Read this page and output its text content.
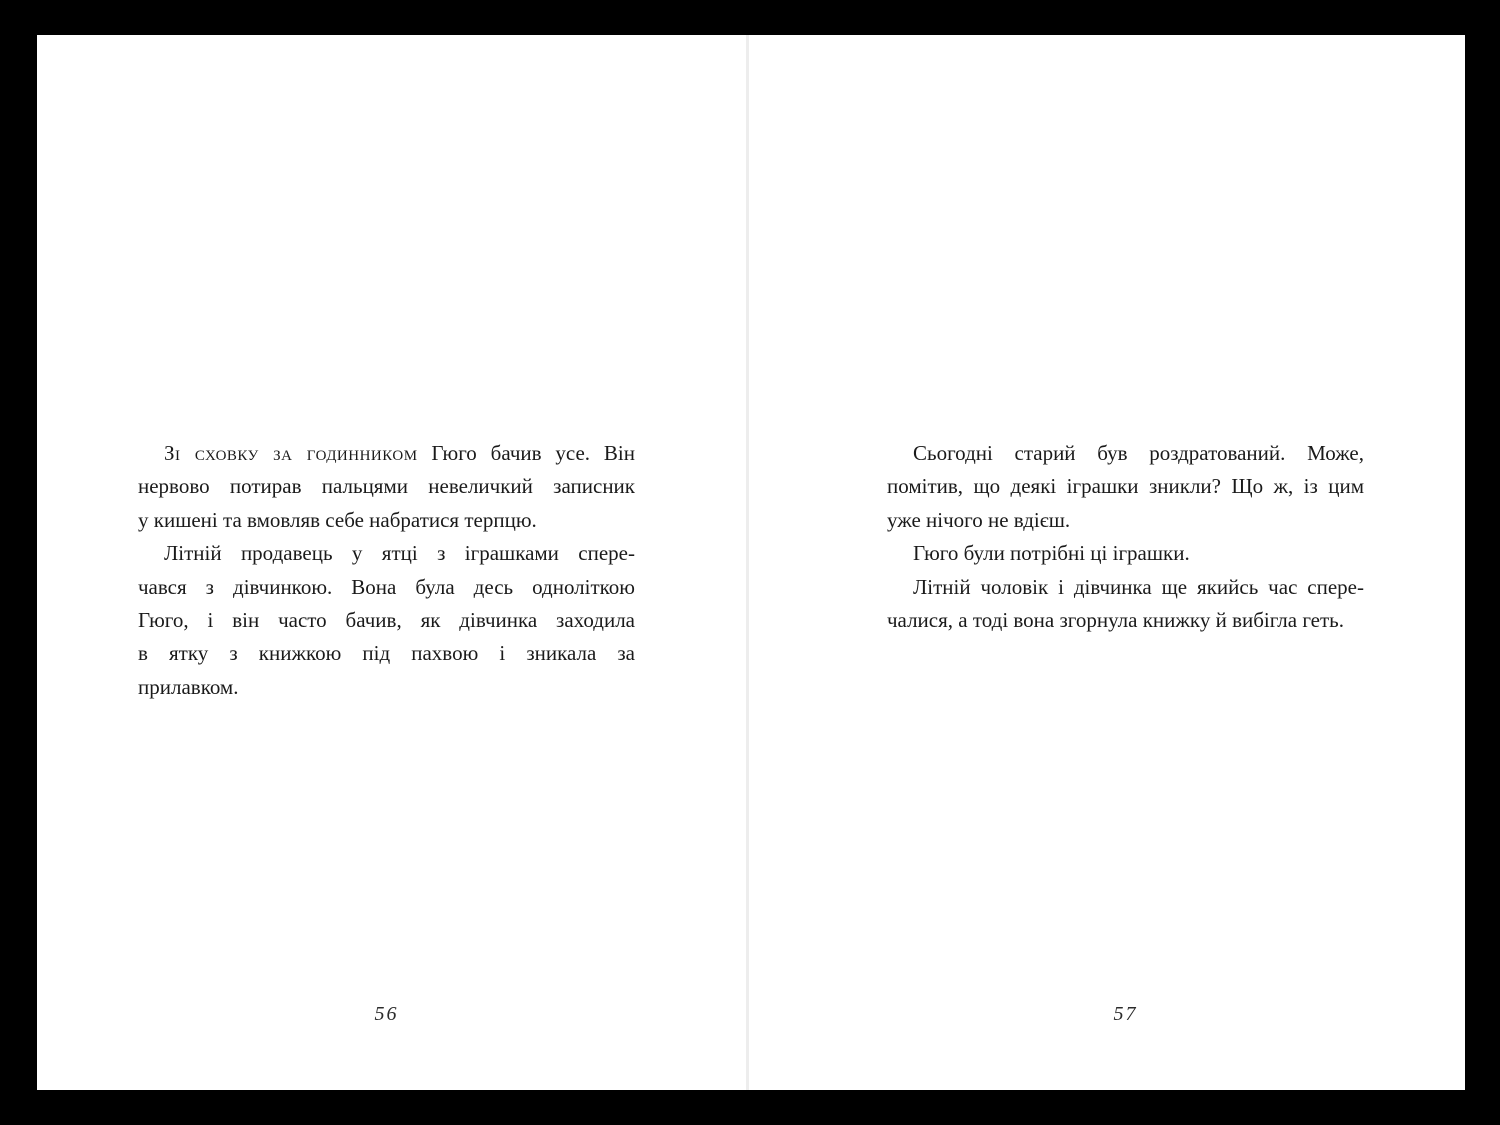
Зі сховку за годинником Гюго бачив усе. Він
нервово потирав пальцями невеличкий записник
у кишені та вмовляв себе набратися терпцю.
Літній продавець у ятці з іграшками спере-
чався з дівчинкою. Вона була десь одноліткою
Гюго, і він часто бачив, як дівчинка заходила
в ятку з книжкою під пахвою і зникала за
прилавком.
56
Сьогодні старий був роздратований. Може,
помітив, що деякі іграшки зникли? Що ж, із цим
уже нічого не вдієш.
Гюго були потрібні ці іграшки.
Літній чоловік і дівчинка ще якийсь час спере-
чалися, а тоді вона згорнула книжку й вибігла геть.
57
